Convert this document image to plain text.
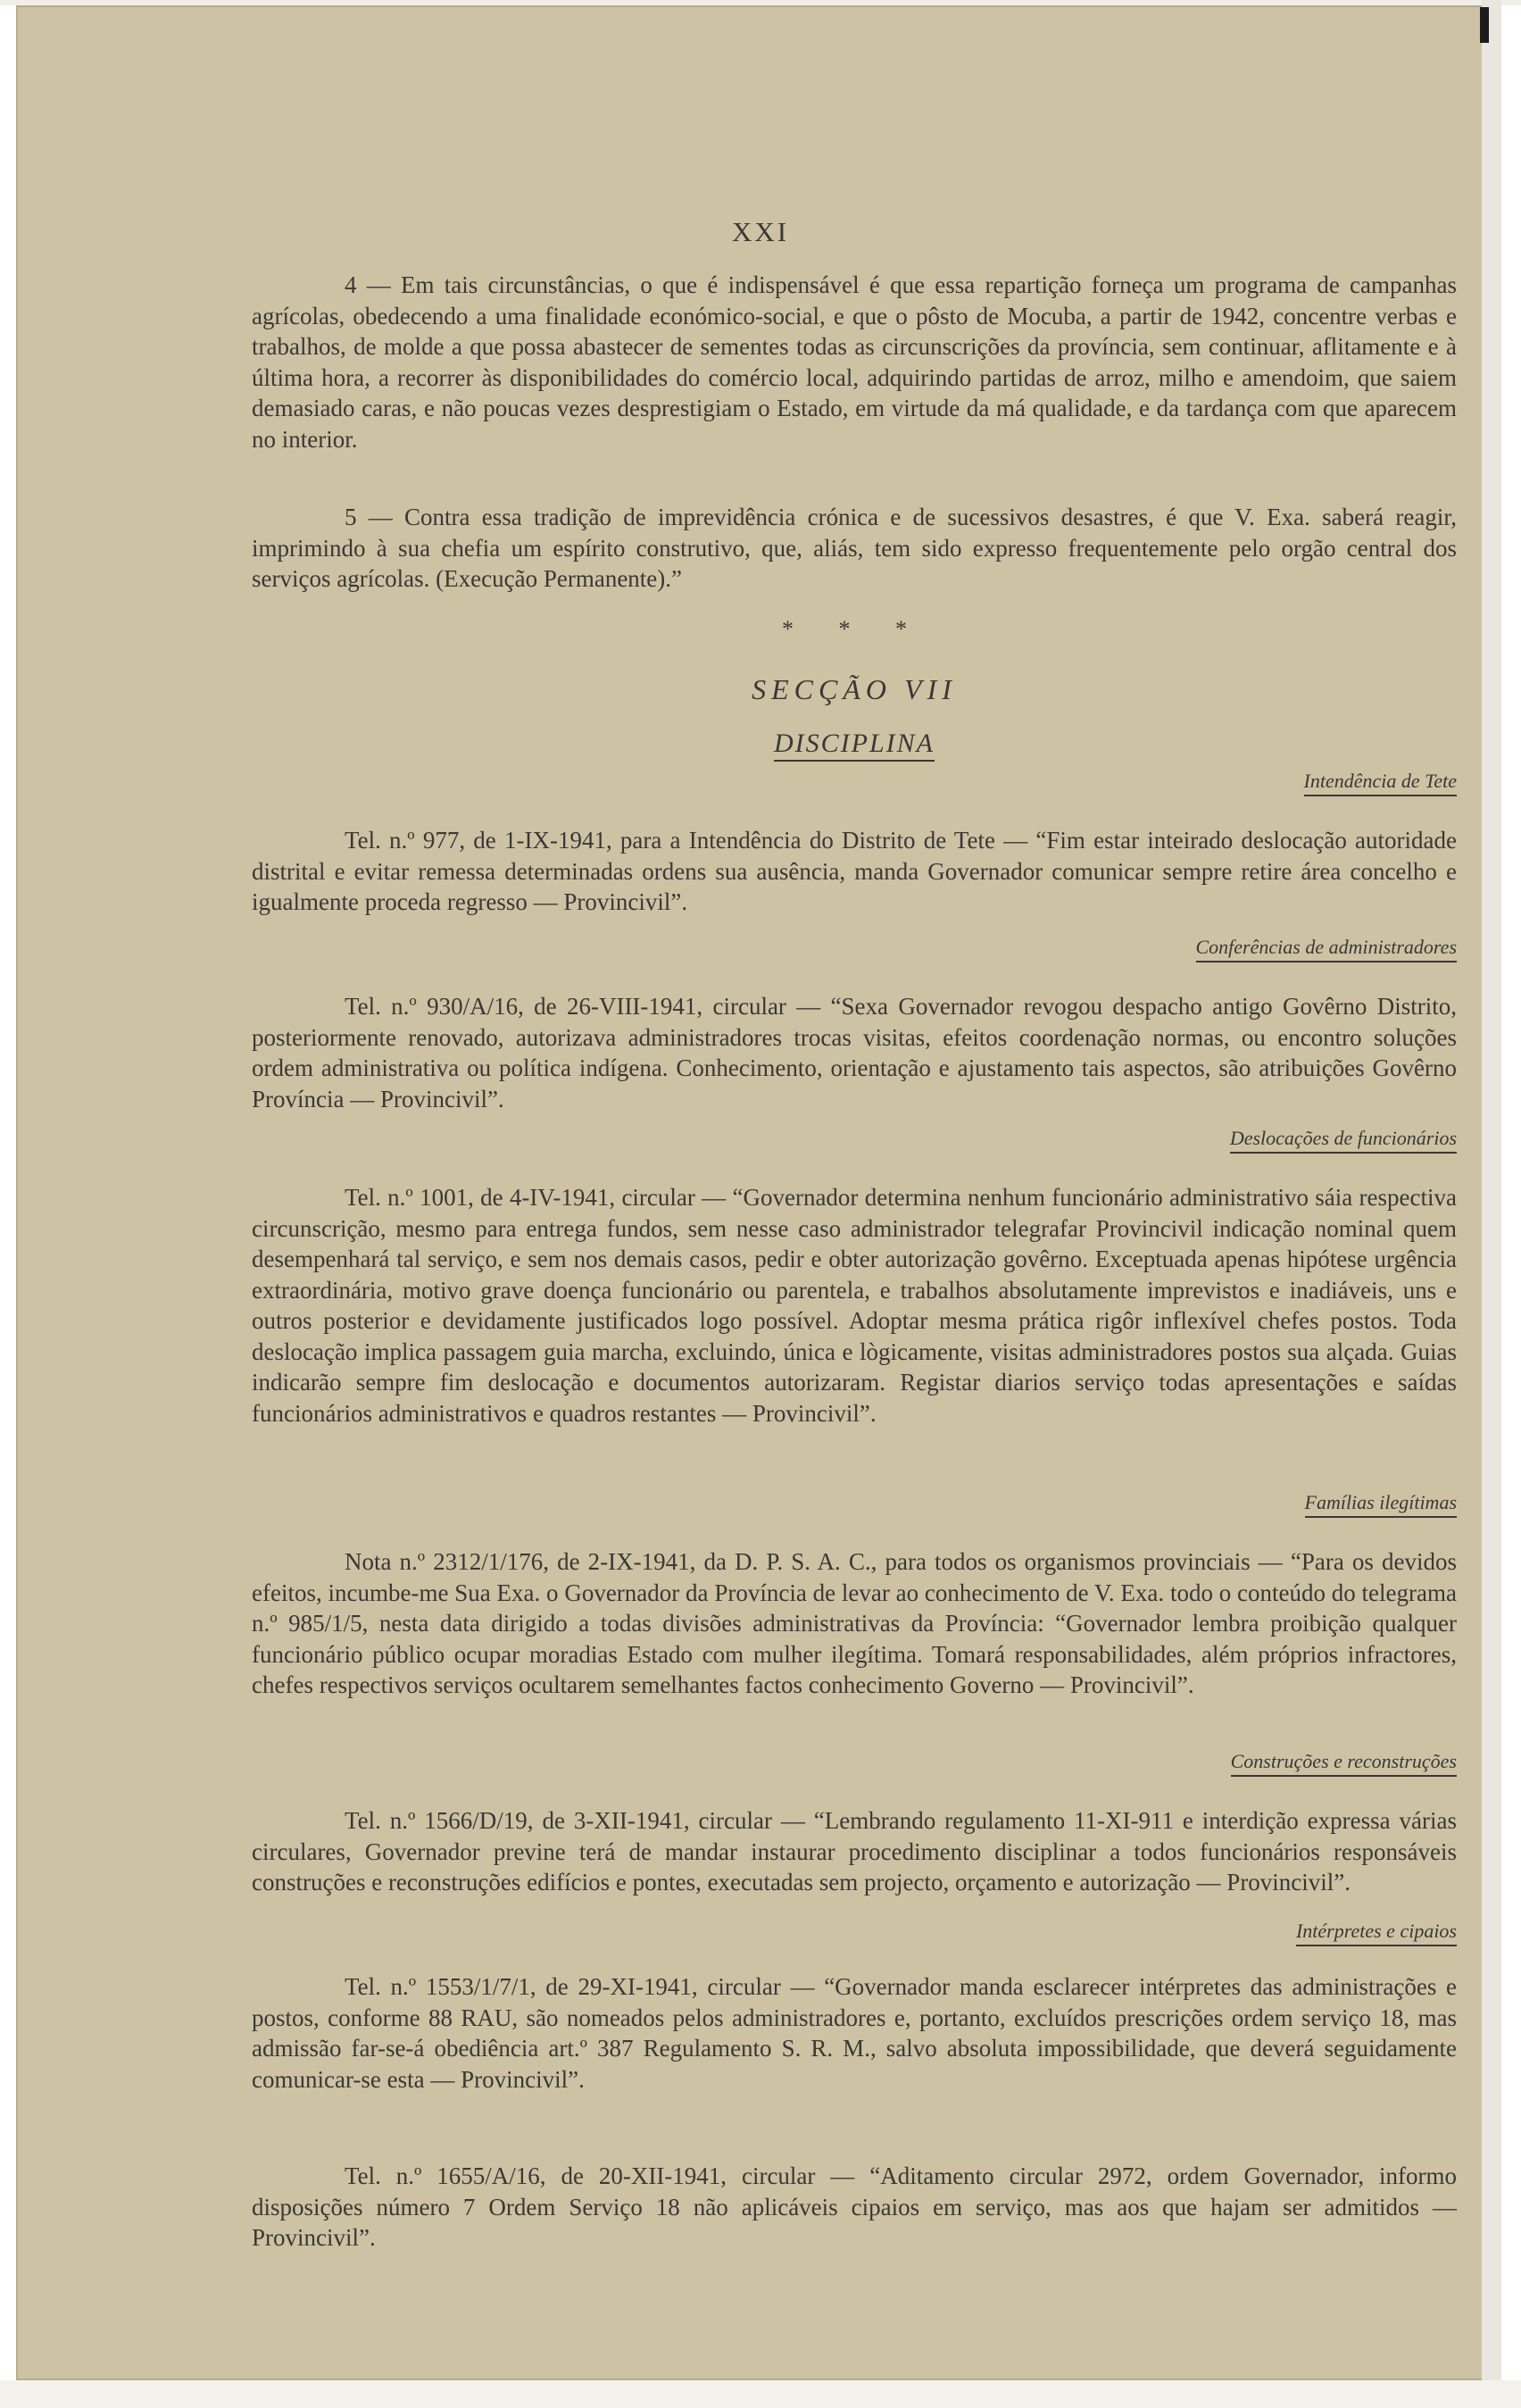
XXI

4 — Em tais circunstâncias, o que é indispensável é que essa repartição forneça um programa de campanhas agrícolas, obedecendo a uma finalidade económico-social, e que o pôsto de Mocuba, a partir de 1942, concentre verbas e trabalhos, de molde a que possa abastecer de sementes todas as circunscrições da província, sem continuar, aflitamente e à última hora, a recorrer às disponibilidades do comércio local, adquirindo partidas de arroz, milho e amendoim, que saiem demasiado caras, e não poucas vezes desprestigiam o Estado, em virtude da má qualidade, e da tardança com que aparecem no interior.

5 — Contra essa tradição de imprevidência crónica e de sucessivos desastres, é que V. Exa. saberá reagir, imprimindo à sua chefia um espírito construtivo, que, aliás, tem sido expresso frequentemente pelo orgão central dos serviços agrícolas. (Execução Permanente).”

* * *
SECÇÃO VII
DISCIPLINA
Intendência de Tete

Tel. n.º 977, de 1-IX-1941, para a Intendência do Distrito de Tete — “Fim estar inteirado deslocação autoridade distrital e evitar remessa determinadas ordens sua ausência, manda Governador comunicar sempre retire área concelho e igualmente proceda regresso — Provincivil”.

Conferências de administradores

Tel. n.º 930/A/16, de 26-VIII-1941, circular — “Sexa Governador revogou despacho antigo Govêrno Distrito, posteriormente renovado, autorizava administradores trocas visitas, efeitos coordenação normas, ou encontro soluções ordem administrativa ou política indígena. Conhecimento, orientação e ajustamento tais aspectos, são atribuições Govêrno Província — Provincivil”.

Deslocações de funcionários

Tel. n.º 1001, de 4-IV-1941, circular — “Governador determina nenhum funcionário administrativo sáia respectiva circunscrição, mesmo para entrega fundos, sem nesse caso administrador telegrafar Provincivil indicação nominal quem desempenhará tal serviço, e sem nos demais casos, pedir e obter autorização govêrno. Exceptuada apenas hipótese urgência extraordinária, motivo grave doença funcionário ou parentela, e trabalhos absolutamente imprevistos e inadiáveis, uns e outros posterior e devidamente justificados logo possível. Adoptar mesma prática rigôr inflexível chefes postos. Toda deslocação implica passagem guia marcha, excluindo, única e lògicamente, visitas administradores postos sua alçada. Guias indicarão sempre fim deslocação e documentos autorizaram. Registar diarios serviço todas apresentações e saídas funcionários administrativos e quadros restantes — Provincivil”.

Famílias ilegítimas

Nota n.º 2312/1/176, de 2-IX-1941, da D. P. S. A. C., para todos os organismos provinciais — “Para os devidos efeitos, incumbe-me Sua Exa. o Governador da Província de levar ao conhecimento de V. Exa. todo o conteúdo do telegrama n.º 985/1/5, nesta data dirigido a todas divisões administrativas da Província: “Governador lembra proibição qualquer funcionário público ocupar moradias Estado com mulher ilegítima. Tomará responsabilidades, além próprios infractores, chefes respectivos serviços ocultarem semelhantes factos conhecimento Governo — Provincivil”.

Construções e reconstruções

Tel. n.º 1566/D/19, de 3-XII-1941, circular — “Lembrando regulamento 11-XI-911 e interdição expressa várias circulares, Governador previne terá de mandar instaurar procedimento disciplinar a todos funcionários responsáveis construções e reconstruções edifícios e pontes, executadas sem projecto, orçamento e autorização — Provincivil”.

Intérpretes e cipaios

Tel. n.º 1553/1/7/1, de 29-XI-1941, circular — “Governador manda esclarecer intérpretes das administrações e postos, conforme 88 RAU, são nomeados pelos administradores e, portanto, excluídos prescrições ordem serviço 18, mas admissão far-se-á obediência art.º 387 Regulamento S. R. M., salvo absoluta impossibilidade, que deverá seguidamente comunicar-se esta — Provincivil”.

Tel. n.º 1655/A/16, de 20-XII-1941, circular — “Aditamento circular 2972, ordem Governador, informo disposições número 7 Ordem Serviço 18 não aplicáveis cipaios em serviço, mas aos que hajam ser admitidos — Provincivil”.
